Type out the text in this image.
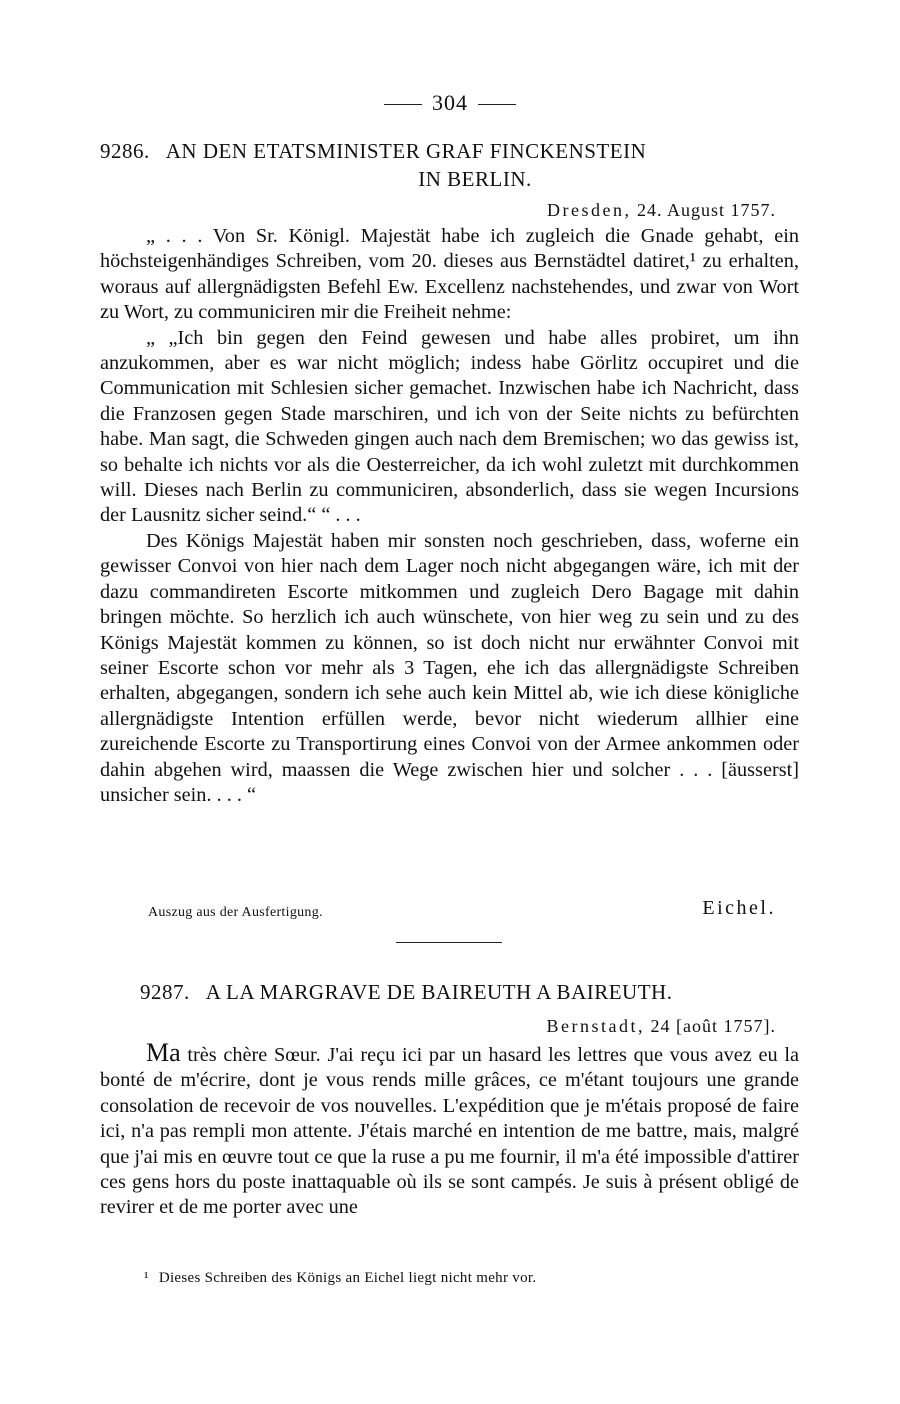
304
9286. AN DEN ETATSMINISTER GRAF FINCKENSTEIN
IN BERLIN.
Dresden, 24. August 1757.

„ . . . Von Sr. Königl. Majestät habe ich zugleich die Gnade gehabt, ein höchsteigenhändiges Schreiben, vom 20. dieses aus Bernstädtel datiret,¹ zu erhalten, woraus auf allergnädigsten Befehl Ew. Excellenz nachstehendes, und zwar von Wort zu Wort, zu communiciren mir die Freiheit nehme:

„ „Ich bin gegen den Feind gewesen und habe alles probiret, um ihn anzukommen, aber es war nicht möglich; indess habe Görlitz occupiret und die Communication mit Schlesien sicher gemachet. Inzwischen habe ich Nachricht, dass die Franzosen gegen Stade marschiren, und ich von der Seite nichts zu befürchten habe. Man sagt, die Schweden gingen auch nach dem Bremischen; wo das gewiss ist, so behalte ich nichts vor als die Oesterreicher, da ich wohl zuletzt mit durchkommen will. Dieses nach Berlin zu communiciren, absonderlich, dass sie wegen Incursions der Lausnitz sicher seind.“ “ . . .

Des Königs Majestät haben mir sonsten noch geschrieben, dass, woferne ein gewisser Convoi von hier nach dem Lager noch nicht abgegangen wäre, ich mit der dazu commandireten Escorte mitkommen und zugleich Dero Bagage mit dahin bringen möchte. So herzlich ich auch wünschete, von hier weg zu sein und zu des Königs Majestät kommen zu können, so ist doch nicht nur erwähnter Convoi mit seiner Escorte schon vor mehr als 3 Tagen, ehe ich das allergnädigste Schreiben erhalten, abgegangen, sondern ich sehe auch kein Mittel ab, wie ich diese königliche allergnädigste Intention erfüllen werde, bevor nicht wiederum allhier eine zureichende Escorte zu Transportirung eines Convoi von der Armee ankommen oder dahin abgehen wird, maassen die Wege zwischen hier und solcher . . . [äusserst] unsicher sein. . . . “

Auszug aus der Ausfertigung.	Eichel.
9287. A LA MARGRAVE DE BAIREUTH A BAIREUTH.
Bernstadt, 24 [août 1757].

Ma très chère Sœur. J'ai reçu ici par un hasard les lettres que vous avez eu la bonté de m'écrire, dont je vous rends mille grâces, ce m'étant toujours une grande consolation de recevoir de vos nouvelles. L'expédition que je m'étais proposé de faire ici, n'a pas rempli mon attente. J'étais marché en intention de me battre, mais, malgré que j'ai mis en œuvre tout ce que la ruse a pu me fournir, il m'a été impossible d'attirer ces gens hors du poste inattaquable où ils se sont campés. Je suis à présent obligé de revirer et de me porter avec une

¹ Dieses Schreiben des Königs an Eichel liegt nicht mehr vor.
